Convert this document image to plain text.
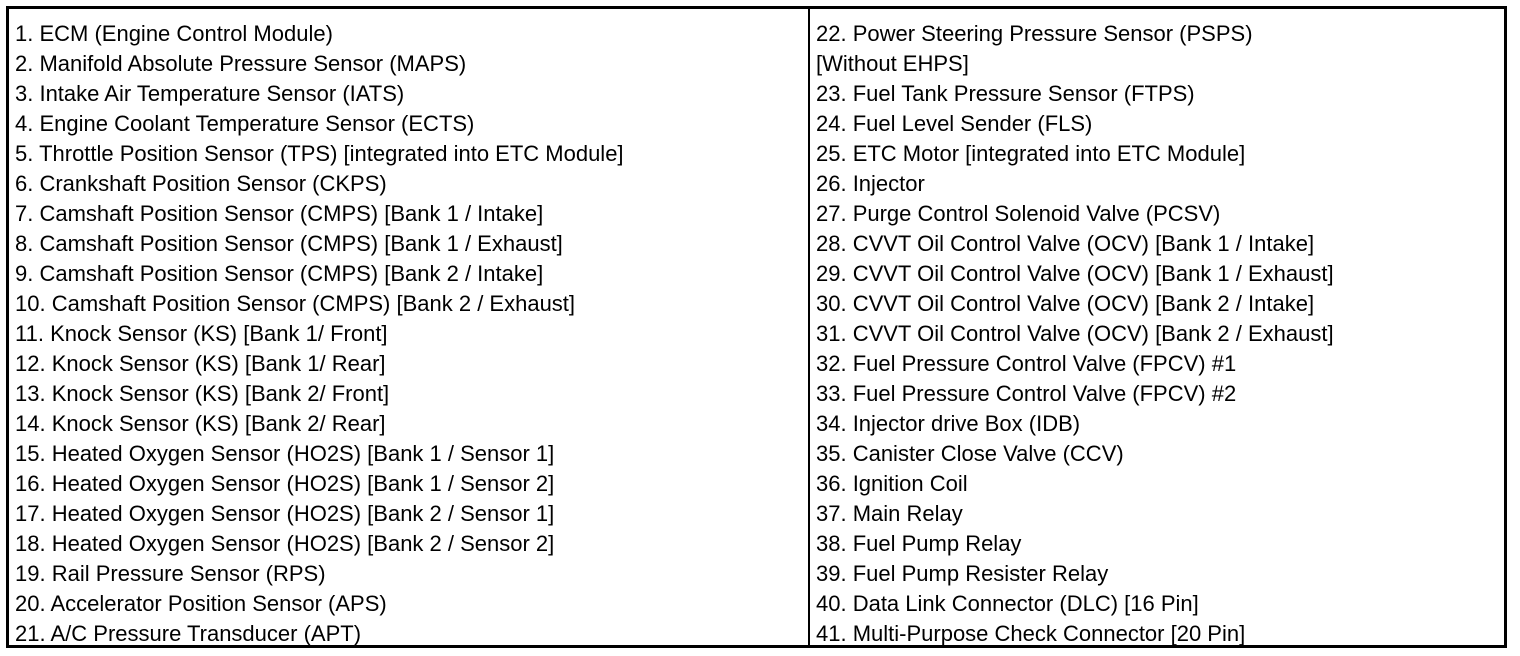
1. ECM (Engine Control Module)
2. Manifold Absolute Pressure Sensor (MAPS)
3. Intake Air Temperature Sensor (IATS)
4. Engine Coolant Temperature Sensor (ECTS)
5. Throttle Position Sensor (TPS) [integrated into ETC Module]
6. Crankshaft Position Sensor (CKPS)
7. Camshaft Position Sensor (CMPS) [Bank 1 / Intake]
8. Camshaft Position Sensor (CMPS) [Bank 1 / Exhaust]
9. Camshaft Position Sensor (CMPS) [Bank 2 / Intake]
10. Camshaft Position Sensor (CMPS) [Bank 2 / Exhaust]
11. Knock Sensor (KS) [Bank 1/ Front]
12. Knock Sensor (KS) [Bank 1/ Rear]
13. Knock Sensor (KS) [Bank 2/ Front]
14. Knock Sensor (KS) [Bank 2/ Rear]
15. Heated Oxygen Sensor (HO2S) [Bank 1 / Sensor 1]
16. Heated Oxygen Sensor (HO2S) [Bank 1 / Sensor 2]
17. Heated Oxygen Sensor (HO2S) [Bank 2 / Sensor 1]
18. Heated Oxygen Sensor (HO2S) [Bank 2 / Sensor 2]
19. Rail Pressure Sensor (RPS)
20. Accelerator Position Sensor (APS)
21. A/C Pressure Transducer (APT)
22. Power Steering Pressure Sensor (PSPS)
[Without EHPS]
23. Fuel Tank Pressure Sensor (FTPS)
24. Fuel Level Sender (FLS)
25. ETC Motor [integrated into ETC Module]
26. Injector
27. Purge Control Solenoid Valve (PCSV)
28. CVVT Oil Control Valve (OCV) [Bank 1 / Intake]
29. CVVT Oil Control Valve (OCV) [Bank 1 / Exhaust]
30. CVVT Oil Control Valve (OCV) [Bank 2 / Intake]
31. CVVT Oil Control Valve (OCV) [Bank 2 / Exhaust]
32. Fuel Pressure Control Valve (FPCV) #1
33. Fuel Pressure Control Valve (FPCV) #2
34. Injector drive Box (IDB)
35. Canister Close Valve (CCV)
36. Ignition Coil
37. Main Relay
38. Fuel Pump Relay
39. Fuel Pump Resister Relay
40. Data Link Connector (DLC) [16 Pin]
41. Multi-Purpose Check Connector [20 Pin]
